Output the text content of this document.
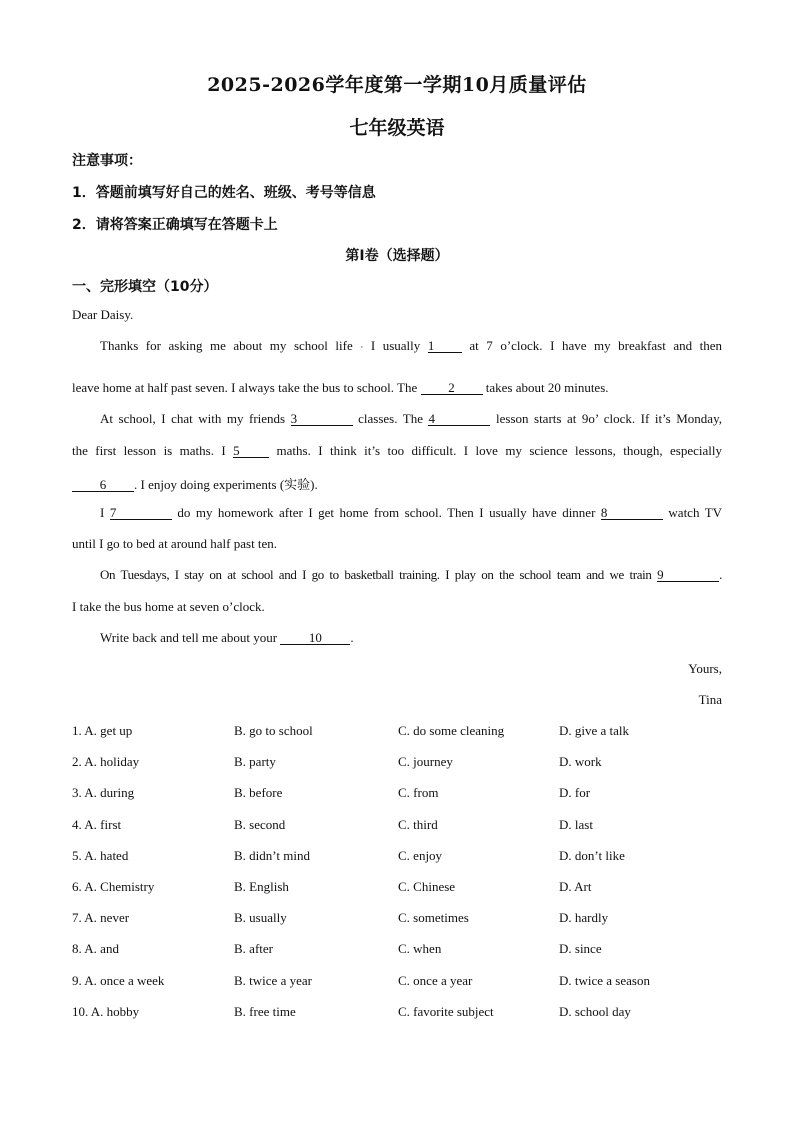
2025-2026学年度第一学期10月质量评估
七年级英语
注意事项：
1．答题前填写好自己的姓名、班级、考号等信息
2．请将答案正确填写在答题卡上
第I卷（选择题）
一、完形填空（10分）
Dear Daisy.
Thanks for asking me about my school life · I usually 1	at 7 o’clock. I have my breakfast and then
leave home at half past seven. I always take the bus to school. The 2 takes about 20 minutes.
At school, I chat with my friends 3	classes. The 4	lesson starts at 9o’ clock. If it’s Monday,
the first lesson is maths. I 5	maths. I think it’s too difficult. I love my science lessons, though, especially
6 . I enjoy doing experiments (实验).
I 7	do my homework after I get home from school. Then I usually have dinner 8	watch TV
until I go to bed at around half past ten.
On Tuesdays, I stay on at school and I go to basketball training. I play on the school team and we train 9	.
I take the bus home at seven o’clock.
Write back and tell me about your 10 .
Yours,
Tina
1. A. get up	B. go to school	C. do some cleaning	D. give a talk
2. A. holiday	B. party	C. journey	D. work
3. A. during	B. before	C. from	D. for
4. A. first	B. second	C. third	D. last
5. A. hated	B. didn’t mind	C. enjoy	D. don’t like
6. A. Chemistry	B. English	C. Chinese	D. Art
7. A. never	B. usually	C. sometimes	D. hardly
8. A. and	B. after	C. when	D. since
9. A. once a week	B. twice a year	C. once a year	D. twice a season
10. A. hobby	B. free time	C. favorite subject	D. school day
